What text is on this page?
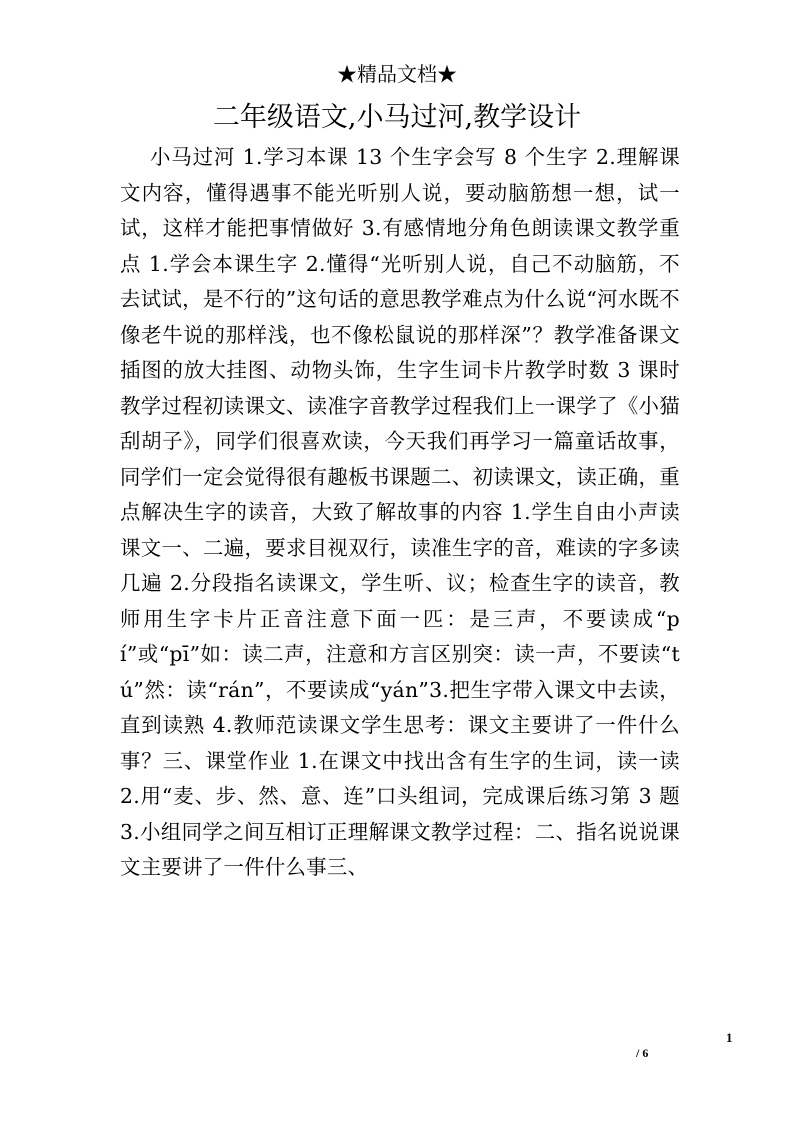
★精品文档★
二年级语文,小马过河,教学设计

小马过河 1.学习本课 13 个生字会写 8 个生字 2.理解课文内容，懂得遇事不能光听别人说，要动脑筋想一想，试一试，这样才能把事情做好 3.有感情地分角色朗读课文教学重点 1.学会本课生字 2.懂得“光听别人说，自己不动脑筋，不去试试，是不行的”这句话的意思教学难点为什么说“河水既不像老牛说的那样浅，也不像松鼠说的那样深”？教学准备课文插图的放大挂图、动物头饰，生字生词卡片教学时数 3 课时教学过程初读课文、读准字音教学过程我们上一课学了《小猫刮胡子》，同学们很喜欢读，今天我们再学习一篇童话故事，同学们一定会觉得很有趣板书课题二、初读课文，读正确，重点解决生字的读音，大致了解故事的内容 1.学生自由小声读课文一、二遍，要求目视双行，读准生字的音，难读的字多读几遍 2.分段指名读课文，学生听、议；检查生字的读音，教师用生字卡片正音注意下面一匹：是三声，不要读成“pí”或“pī”如：读二声，注意和方言区别突：读一声，不要读“tú”然：读“rán”，不要读成“yán”3.把生字带入课文中去读，直到读熟 4.教师范读课文学生思考：课文主要讲了一件什么事？三、课堂作业 1.在课文中找出含有生字的生词，读一读 2.用“麦、步、然、意、连”口头组词，完成课后练习第 3 题 3.小组同学之间互相订正理解课文教学过程：二、指名说说课文主要讲了一件什么事三、

1
/ 6
